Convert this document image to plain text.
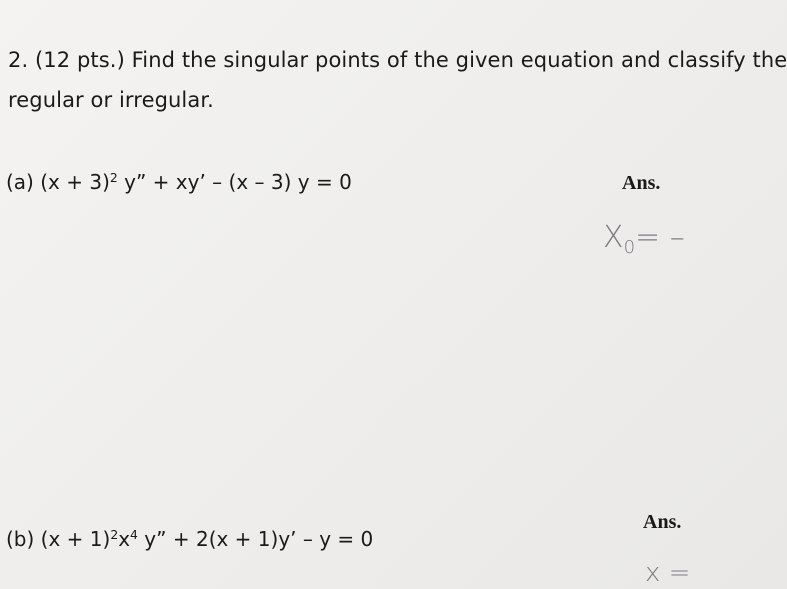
2. (12 pts.) Find the singular points of the given equation and classify the
regular or irregular.
(a) $(x + 3)^2$ y” + xy’ – (x – 3) y = 0	Ans.
$X_0=$ –
Ans.
(b) $(x + 1)^2x^4$ y” + 2(x + 1)y’ – y = 0
x =
